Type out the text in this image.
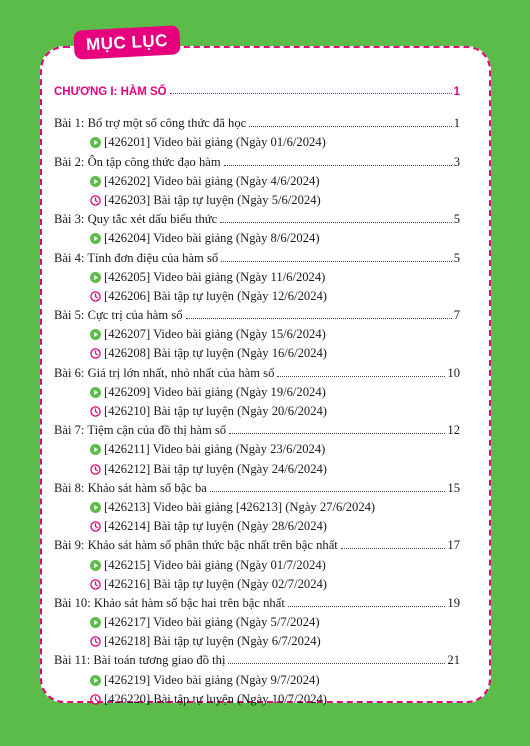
MỤC LỤC
CHƯƠNG I: HÀM SỐ	1
Bài 1: Bổ trợ một số công thức đã học	1
[426201] Video bài giảng (Ngày 01/6/2024)
Bài 2: Ôn tập công thức đạo hàm	3
[426202] Video bài giảng (Ngày 4/6/2024)
[426203] Bài tập tự luyện (Ngày 5/6/2024)
Bài 3: Quy tắc xét dấu biểu thức	5
[426204] Video bài giảng (Ngày 8/6/2024)
Bài 4: Tính đơn điệu của hàm số	5
[426205] Video bài giảng (Ngày 11/6/2024)
[426206] Bài tập tự luyện (Ngày 12/6/2024)
Bài 5: Cực trị của hàm số	7
[426207] Video bài giảng (Ngày 15/6/2024)
[426208] Bài tập tự luyện (Ngày 16/6/2024)
Bài 6: Giá trị lớn nhất, nhỏ nhất của hàm số	10
[426209] Video bài giảng (Ngày 19/6/2024)
[426210] Bài tập tự luyện (Ngày 20/6/2024)
Bài 7: Tiệm cận của đồ thị hàm số	12
[426211] Video bài giảng (Ngày 23/6/2024)
[426212] Bài tập tự luyện (Ngày 24/6/2024)
Bài 8: Khảo sát hàm số bậc ba	15
[426213] Video bài giảng [426213] (Ngày 27/6/2024)
[426214] Bài tập tự luyện (Ngày 28/6/2024)
Bài 9: Khảo sát hàm số phân thức bậc nhất trên bậc nhất	17
[426215] Video bài giảng (Ngày 01/7/2024)
[426216] Bài tập tự luyện (Ngày 02/7/2024)
Bài 10: Khảo sát hàm số bậc hai trên bậc nhất	19
[426217] Video bài giảng (Ngày 5/7/2024)
[426218] Bài tập tự luyện (Ngày 6/7/2024)
Bài 11: Bài toán tương giao đồ thị	21
[426219] Video bài giảng (Ngày 9/7/2024)
[426220] Bài tập tự luyện (Ngày 10/7/2024)
